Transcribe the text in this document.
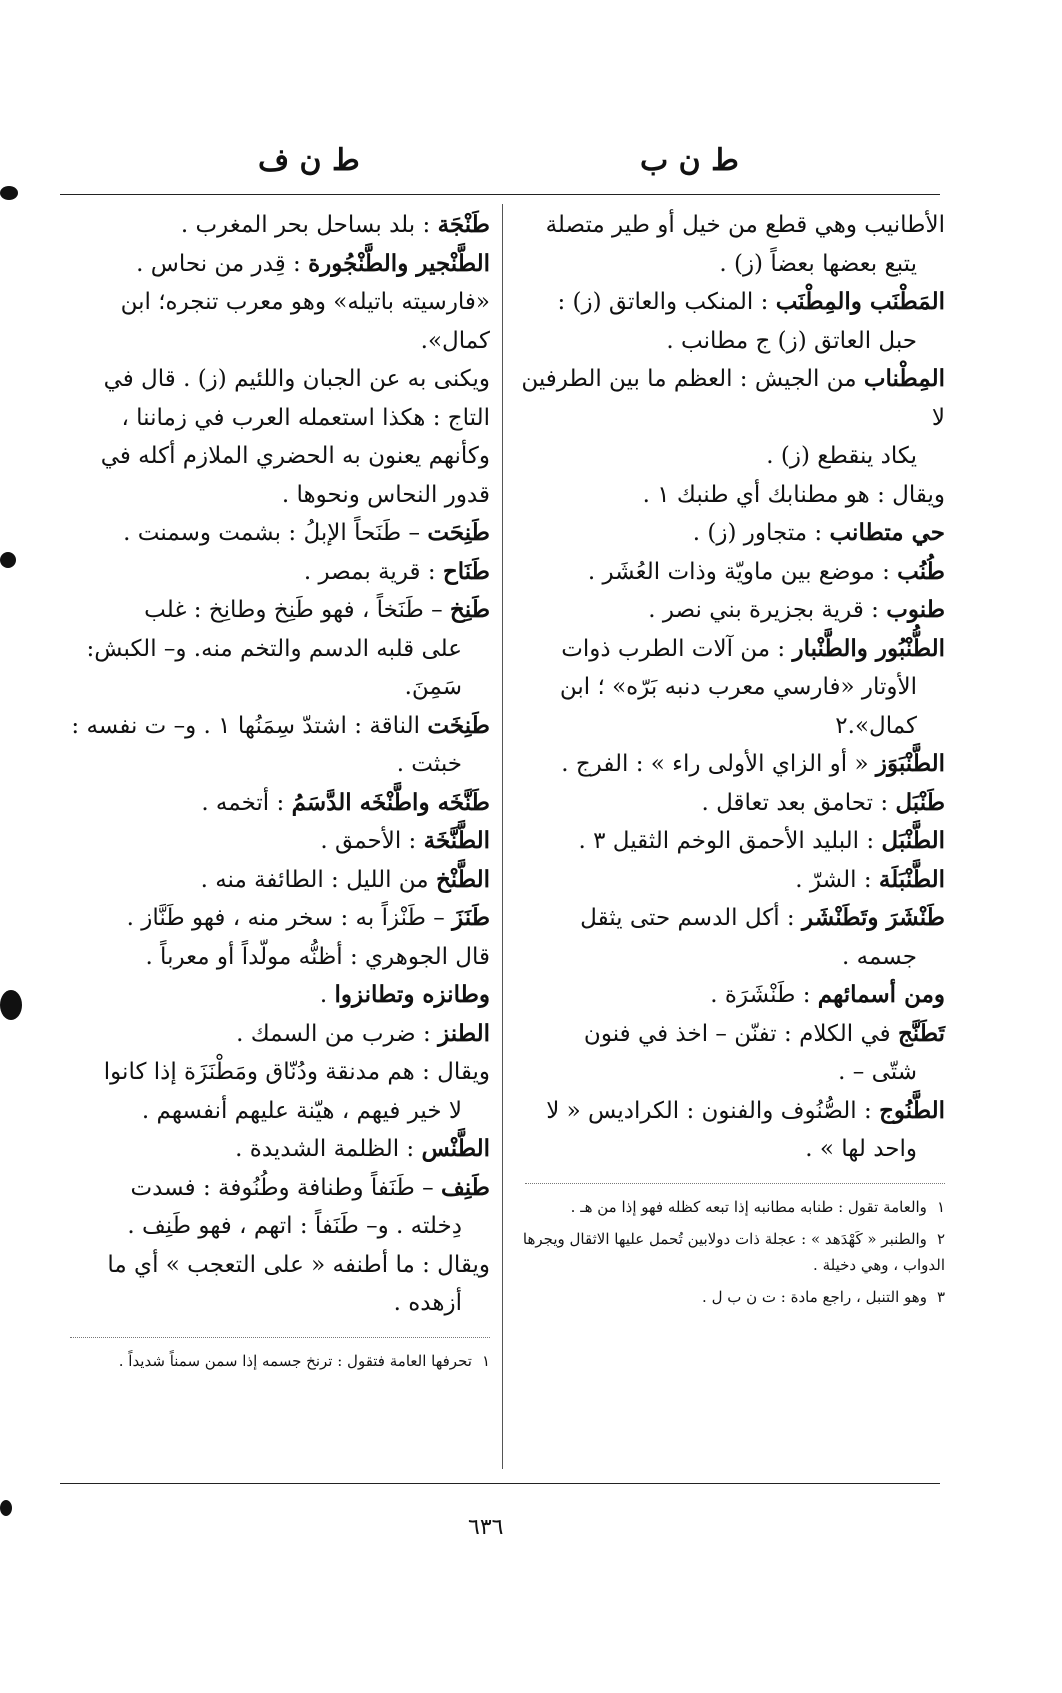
ط ن ب
ط ن ف
الأطانيب وهي قطع من خيل أو طير متصلة
يتبع بعضها بعضاً (ز) .
المَطْنَب والمِطْنَب : المنكب والعاتق (ز) :
حبل العاتق (ز) ج مطانب .
المِطْناب من الجيش : العظم ما بين الطرفين لا
يكاد ينقطع (ز) .
ويقال : هو مطنابك أي طنبك ١ .
حي متطانب : متجاور (ز) .
طُنُب : موضع بين ماويّة وذات العُشَر .
طنوب : قرية بجزيرة بني نصر .
الطُّنْبُور والطَّنْبار : من آلات الطرب ذوات
الأوتار «فارسي معرب دنبه بَرّه» ؛ ابن كمال».٢
الطَّنْبَوَز « أو الزاي الأولى راء » : الفرج .
طَنْبَل : تحامق بعد تعاقل .
الطَّنْبَل : البليد الأحمق الوخم الثقيل ٣ .
الطَّنْبَلَة : الشرّ .
طَنْشَرَ وتَطَنْشَر : أكل الدسم حتى يثقل
جسمه .
ومن أسمائهم : طَنْشَرَة .
تَطَنَّج في الكلام : تفنّن – اخذ في فنون
شتّى – .
الطَّنُوج : الصُّنُوف والفنون : الكراديس « لا
واحد لها » .
١والعامة تقول : طنابه مطانبه إذا تبعه كظله فهو إذا من هـ .
٢والطنبر « كَهْدَهد » : عجلة ذات دولابين تُحمل عليها الاثقال ويجرها الدواب ، وهي دخيلة .
٣وهو التنبل ، راجع مادة : ت ن ب ل .
طَنْجَة : بلد بساحل بحر المغرب .
الطَّنْجير والطَّنْجُورة : قِدر من نحاس .
«فارسيته باتيله» وهو معرب تنجره؛ ابن كمال».
ويكنى به عن الجبان واللئيم (ز) . قال في
التاج : هكذا استعمله العرب في زماننا ،
وكأنهم يعنون به الحضري الملازم أكله في
قدور النحاس ونحوها .
طَنِحَت – طَنَحاً الإبلُ : بشمت وسمنت .
طَنَاح : قرية بمصر .
طَنِخ – طَنَخاً ، فهو طَنِخ وطانِخ : غلب
على قلبه الدسم والتخم منه. و– الكبش: سَمِنَ.
طَنِخَت الناقة : اشتدّ سِمَنُها ١ . و– ت نفسه :
خبثت .
طَنَّخَه واطَّنْخَه الدَّسَمُ : أتخمه .
الطَّنَّخَة : الأحمق .
الطَّنْخ من الليل : الطائفة منه .
طَنَزَ – طَنْزاً به : سخر منه ، فهو طَنَّاز .
قال الجوهري : أظنُّه مولّداً أو معرباً .
وطانزه وتطانزوا .
الطنز : ضرب من السمك .
ويقال : هم مدنقة ودُنّاق ومَطْنَزَة إذا كانوا
لا خير فيهم ، هيّنة عليهم أنفسهم .
الطَّنْس : الظلمة الشديدة .
طَنِف – طَنَفاً وطنافة وطُنُوفة : فسدت
دِخلته . و– طَنَفاً : اتهم ، فهو طَنِف .
ويقال : ما أطنفه « على التعجب » أي ما
أزهده .
١تحرفها العامة فتقول : ترنخ جسمه إذا سمن سمناً شديداً .
٦٣٦
